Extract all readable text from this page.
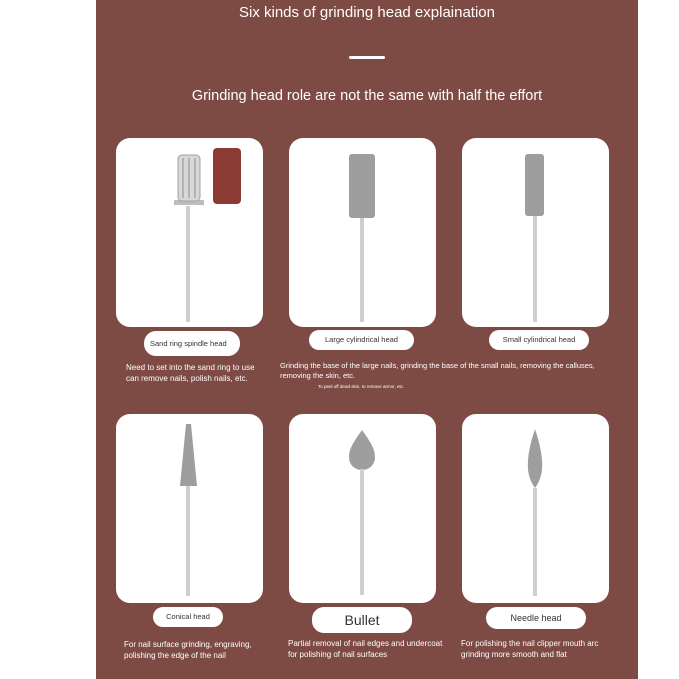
Six kinds of grinding head explaination
Grinding head role are not the same with half the effort
Sand ring spindle head	Large cylindrical head	Small cylindrical head
Need to set into the sand ring to use can remove nails, polish nails, etc.
Grinding the base of the large nails, grinding the base of the small nails, removing the calluses, removing the skin, etc.
To peel off dead skin, to remove armor, etc.
Conical head	Bullet	Needle head
For nail surface grinding, engraving, polishing the edge of the nail
Partial removal of nail edges and undercoat for polishing of nail surfaces
For polishing the nail clipper mouth arc grinding more smooth and flat
